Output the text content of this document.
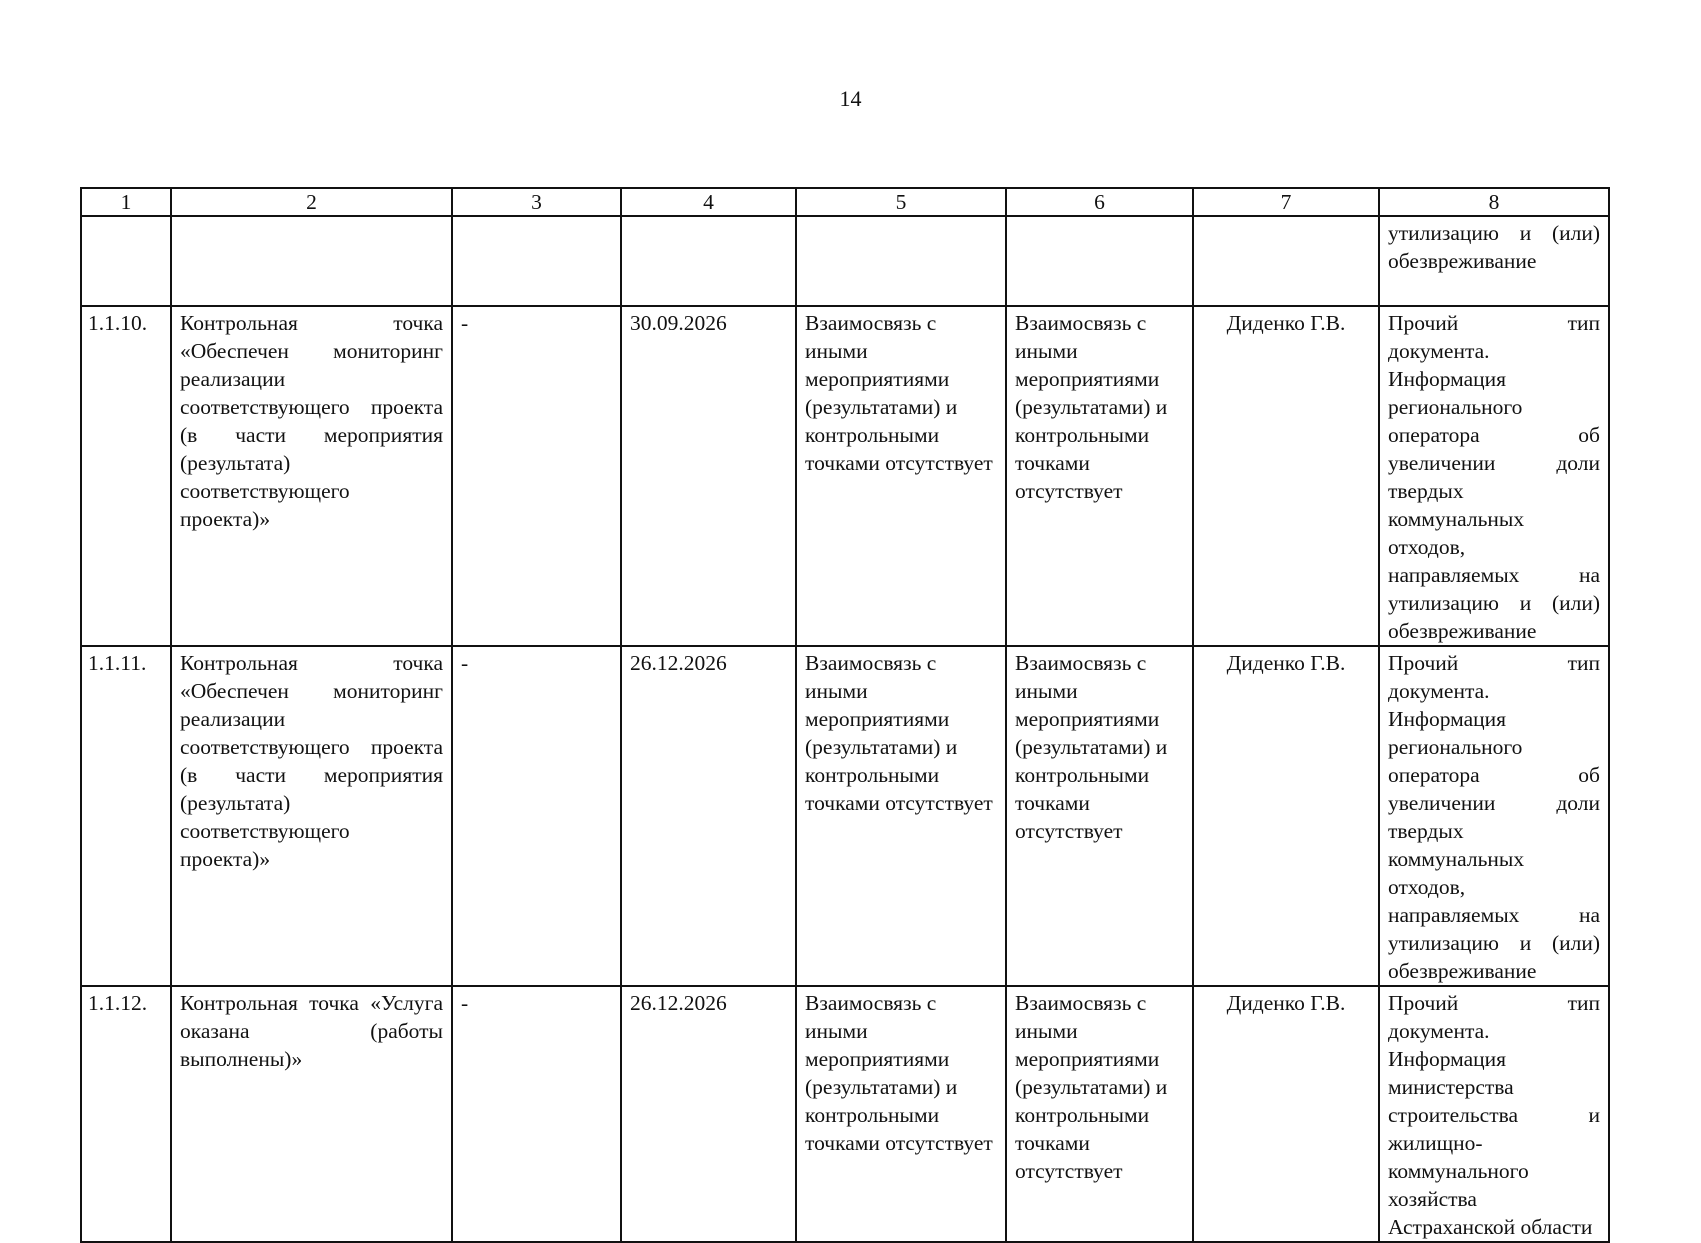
14
1	2	3	4	5	6	7	8
							утилизацию и (или) обезвреживание
1.1.10.	Контрольная точка «Обеспечен мониторинг реализации соответствующего проекта (в части мероприятия (результата) соответствующего проекта)»	-	30.09.2026	Взаимосвязь с иными мероприятиями (результатами) и контрольными точками отсутствует	Взаимосвязь с иными мероприятиями (результатами) и контрольными точками отсутствует	Диденко Г.В.	Прочий тип документа. Информация регионального оператора об увеличении доли твердых коммунальных отходов, направляемых на утилизацию и (или) обезвреживание
1.1.11.	Контрольная точка «Обеспечен мониторинг реализации соответствующего проекта (в части мероприятия (результата) соответствующего проекта)»	-	26.12.2026	Взаимосвязь с иными мероприятиями (результатами) и контрольными точками отсутствует	Взаимосвязь с иными мероприятиями (результатами) и контрольными точками отсутствует	Диденко Г.В.	Прочий тип документа. Информация регионального оператора об увеличении доли твердых коммунальных отходов, направляемых на утилизацию и (или) обезвреживание
1.1.12.	Контрольная точка «Услуга оказана (работы выполнены)»	-	26.12.2026	Взаимосвязь с иными мероприятиями (результатами) и контрольными точками отсутствует	Взаимосвязь с иными мероприятиями (результатами) и контрольными точками отсутствует	Диденко Г.В.	Прочий тип документа. Информация министерства строительства и жилищно-коммунального хозяйства Астраханской области
